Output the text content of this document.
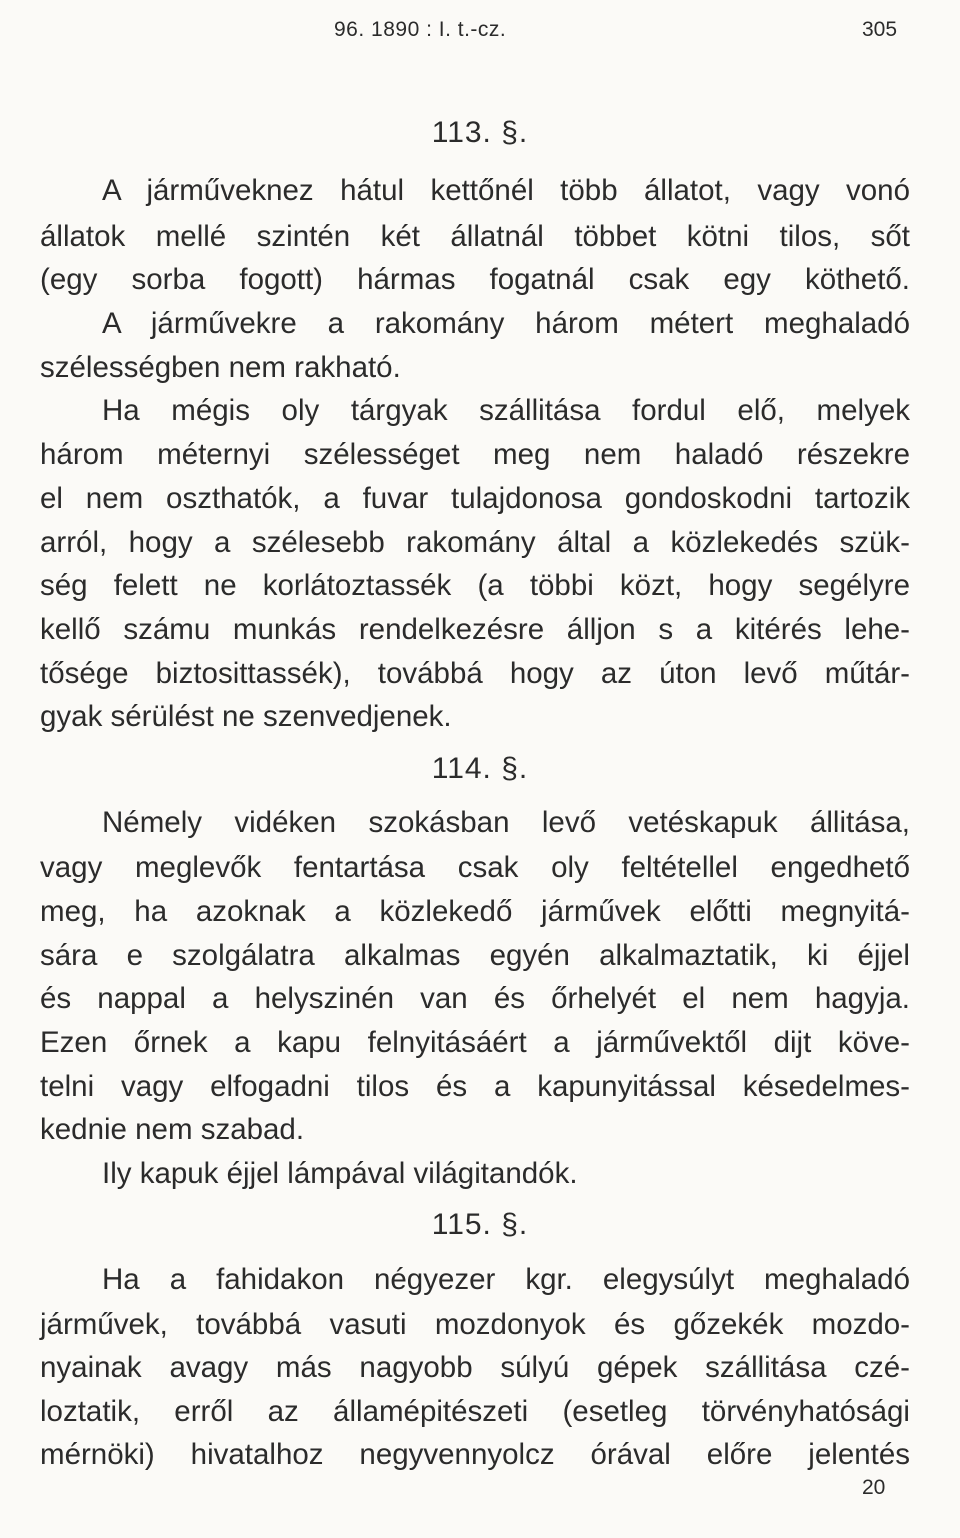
96. 1890 : I. t.-cz.	305
113. §.
A járműveknez hátul kettőnél több állatot, vagy vonó
állatok mellé szintén két állatnál többet kötni tilos, sőt
(egy sorba fogott) hármas fogatnál csak egy köthető.
A járművekre a rakomány három métert meghaladó
szélességben nem rakható.
Ha mégis oly tárgyak szállitása fordul elő, melyek
három méternyi szélességet meg nem haladó részekre
el nem oszthatók, a fuvar tulajdonosa gondoskodni tartozik
arról, hogy a szélesebb rakomány által a közlekedés szük-
ség felett ne korlátoztassék (a többi közt, hogy segélyre
kellő számu munkás rendelkezésre álljon s a kitérés lehe-
tősége biztosittassék), továbbá hogy az úton levő műtár-
gyak sérülést ne szenvedjenek.
114. §.
Némely vidéken szokásban levő vetéskapuk állitása,
vagy meglevők fentartása csak oly feltétellel engedhető
meg, ha azoknak a közlekedő járművek előtti megnyitá-
sára e szolgálatra alkalmas egyén alkalmaztatik, ki éjjel
és nappal a helyszinén van és őrhelyét el nem hagyja.
Ezen őrnek a kapu felnyitásáért a járművektől dijt köve-
telni vagy elfogadni tilos és a kapunyitással késedelmes-
kednie nem szabad.
Ily kapuk éjjel lámpával világitandók.
115. §.
Ha a fahidakon négyezer kgr. elegysúlyt meghaladó
járművek, továbbá vasuti mozdonyok és gőzekék mozdo-
nyainak avagy más nagyobb súlyú gépek szállitása czé-
loztatik, erről az államépitészeti (esetleg törvényhatósági
mérnöki) hivatalhoz negyvennyolcz órával előre jelentés
20
